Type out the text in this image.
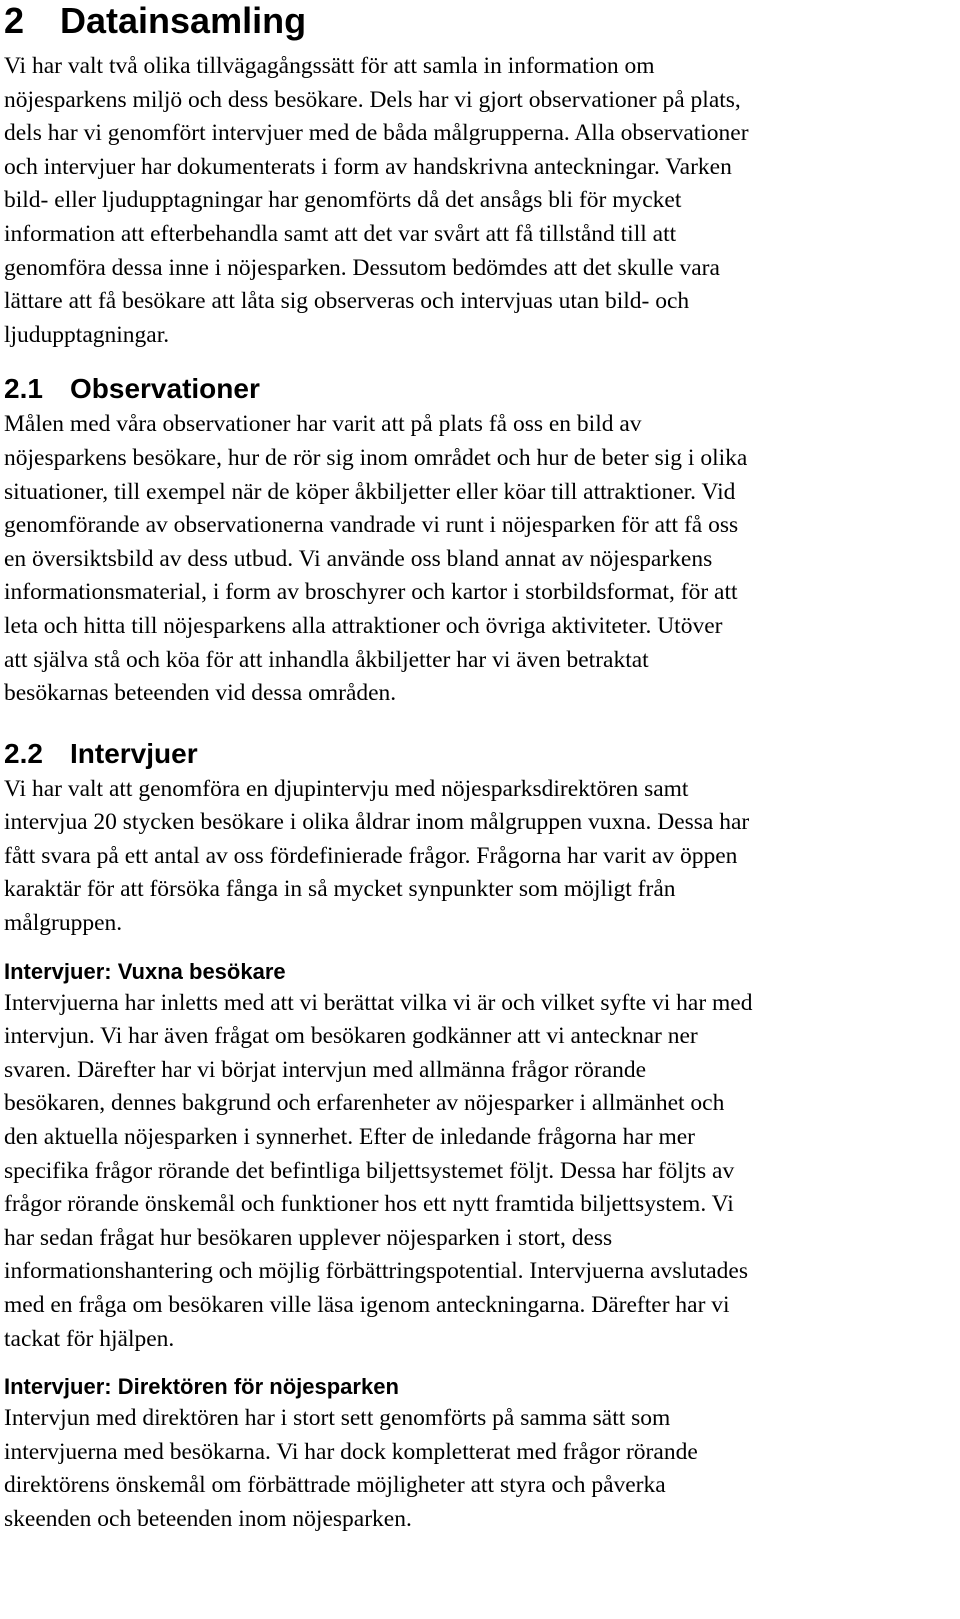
2 Datainsamling

Vi har valt två olika tillvägagångssätt för att samla in information om
nöjesparkens miljö och dess besökare. Dels har vi gjort observationer på plats,
dels har vi genomfört intervjuer med de båda målgrupperna. Alla observationer
och intervjuer har dokumenterats i form av handskrivna anteckningar. Varken
bild- eller ljudupptagningar har genomförts då det ansågs bli för mycket
information att efterbehandla samt att det var svårt att få tillstånd till att
genomföra dessa inne i nöjesparken. Dessutom bedömdes att det skulle vara
lättare att få besökare att låta sig observeras och intervjuas utan bild- och
ljudupptagningar.

2.1 Observationer

Målen med våra observationer har varit att på plats få oss en bild av
nöjesparkens besökare, hur de rör sig inom området och hur de beter sig i olika
situationer, till exempel när de köper åkbiljetter eller köar till attraktioner. Vid
genomförande av observationerna vandrade vi runt i nöjesparken för att få oss
en översiktsbild av dess utbud. Vi använde oss bland annat av nöjesparkens
informationsmaterial, i form av broschyrer och kartor i storbildsformat, för att
leta och hitta till nöjesparkens alla attraktioner och övriga aktiviteter. Utöver
att själva stå och köa för att inhandla åkbiljetter har vi även betraktat
besökarnas beteenden vid dessa områden.

2.2 Intervjuer

Vi har valt att genomföra en djupintervju med nöjesparksdirektören samt
intervjua 20 stycken besökare i olika åldrar inom målgruppen vuxna. Dessa har
fått svara på ett antal av oss fördefinierade frågor. Frågorna har varit av öppen
karaktär för att försöka fånga in så mycket synpunkter som möjligt från
målgruppen.

Intervjuer: Vuxna besökare

Intervjuerna har inletts med att vi berättat vilka vi är och vilket syfte vi har med
intervjun. Vi har även frågat om besökaren godkänner att vi antecknar ner
svaren. Därefter har vi börjat intervjun med allmänna frågor rörande
besökaren, dennes bakgrund och erfarenheter av nöjesparker i allmänhet och
den aktuella nöjesparken i synnerhet. Efter de inledande frågorna har mer
specifika frågor rörande det befintliga biljettsystemet följt. Dessa har följts av
frågor rörande önskemål och funktioner hos ett nytt framtida biljettsystem. Vi
har sedan frågat hur besökaren upplever nöjesparken i stort, dess
informationshantering och möjlig förbättringspotential. Intervjuerna avslutades
med en fråga om besökaren ville läsa igenom anteckningarna. Därefter har vi
tackat för hjälpen.

Intervjuer: Direktören för nöjesparken

Intervjun med direktören har i stort sett genomförts på samma sätt som
intervjuerna med besökarna. Vi har dock kompletterat med frågor rörande
direktörens önskemål om förbättrade möjligheter att styra och påverka
skeenden och beteenden inom nöjesparken.
